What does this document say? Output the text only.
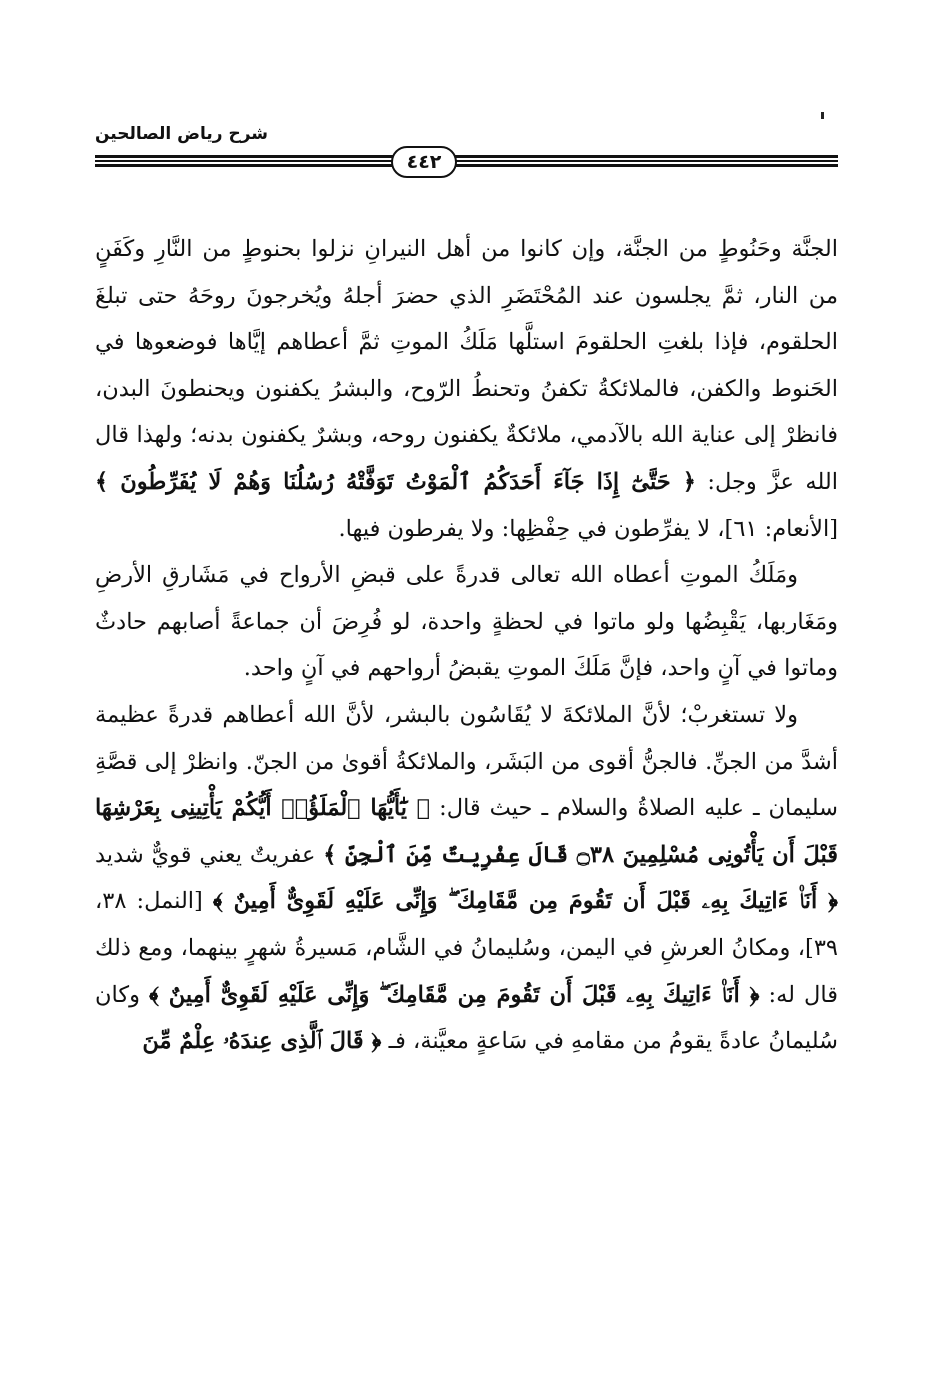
شرح رياض الصالحين
٤٤٢

الجنَّة وحَنُوطٍ من الجنَّة، وإن كانوا من أهل النيرانِ نزلوا بحنوطٍ من النَّارِ وكَفَنٍ من النار، ثمَّ يجلسون عند المُحْتَضَرِ الذي حضرَ أجلهُ ويُخرجونَ روحَهُ حتى تبلغَ الحلقوم، فإذا بلغتِ الحلقومَ استلَّها مَلَكُ الموتِ ثمَّ أعطاهم إيَّاها فوضعوها في الحَنوط والكفن، فالملائكةُ تكفنُ وتحنطُ الرّوح، والبشرُ يكفنون ويحنطونَ البدن، فانظرْ إلى عناية الله بالآدمي، ملائكةٌ يكفنون روحه، وبشرٌ يكفنون بدنه؛ ولهذا قال الله عزَّ وجل: ﴿ حَتَّىٰٓ إِذَا جَآءَ أَحَدَكُمُ ٱلْمَوْتُ تَوَفَّتْهُ رُسُلُنَا وَهُمْ لَا يُفَرِّطُونَ ﴾ [الأنعام: ٦١]، لا يفرِّطون في حِفْظِها: ولا يفرطون فيها.

ومَلَكُ الموتِ أعطاه الله تعالى قدرةً على قبضِ الأرواح في مَشَارقِ الأرضِ ومَغَاربها، يَقْبِضُها ولو ماتوا في لحظةٍ واحدة، لو فُرِضَ أن جماعةً أصابهم حادثٌ وماتوا في آنٍ واحد، فإنَّ مَلَكَ الموتِ يقبضُ أرواحهم في آنٍ واحد.

ولا تستغربْ؛ لأنَّ الملائكةَ لا يُقَاسُون بالبشر، لأنَّ الله أعطاهم قدرةً عظيمة أشدَّ من الجنِّ. فالجنُّ أقوى من البَشَر، والملائكةُ أقوىٰ من الجنّ. وانظرْ إلى قصَّةِ سليمان ـ عليه الصلاةُ والسلام ـ حيث قال: ﴿ يَٰٓأَيُّهَا ٱلْمَلَؤُا۟ أَيُّكُمْ يَأْتِينِى بِعَرْشِهَا قَبْلَ أَن يَأْتُونِى مُسْلِمِينَ ۝٣٨ قَالَ عِفْرِيتٌ مِّنَ ٱلْجِنِّ ﴾ عفريتٌ يعني قويٌّ شديد ﴿ أَنَا۠ ءَاتِيكَ بِهِۦ قَبْلَ أَن تَقُومَ مِن مَّقَامِكَ ۖ وَإِنِّى عَلَيْهِ لَقَوِىٌّ أَمِينٌ ﴾ [النمل: ٣٨، ٣٩]، ومكانُ العرشِ في اليمن، وسُليمانُ في الشَّام، مَسيرةُ شهرٍ بينهما، ومع ذلك قال له: ﴿ أَنَا۠ ءَاتِيكَ بِهِۦ قَبْلَ أَن تَقُومَ مِن مَّقَامِكَ ۖ وَإِنِّى عَلَيْهِ لَقَوِىٌّ أَمِينٌ ﴾ وكان سُليمانُ عادةً يقومُ من مقامهِ في سَاعةٍ معيَّنة، فـ ﴿ قَالَ ٱلَّذِى عِندَهُۥ عِلْمٌ مِّنَ
